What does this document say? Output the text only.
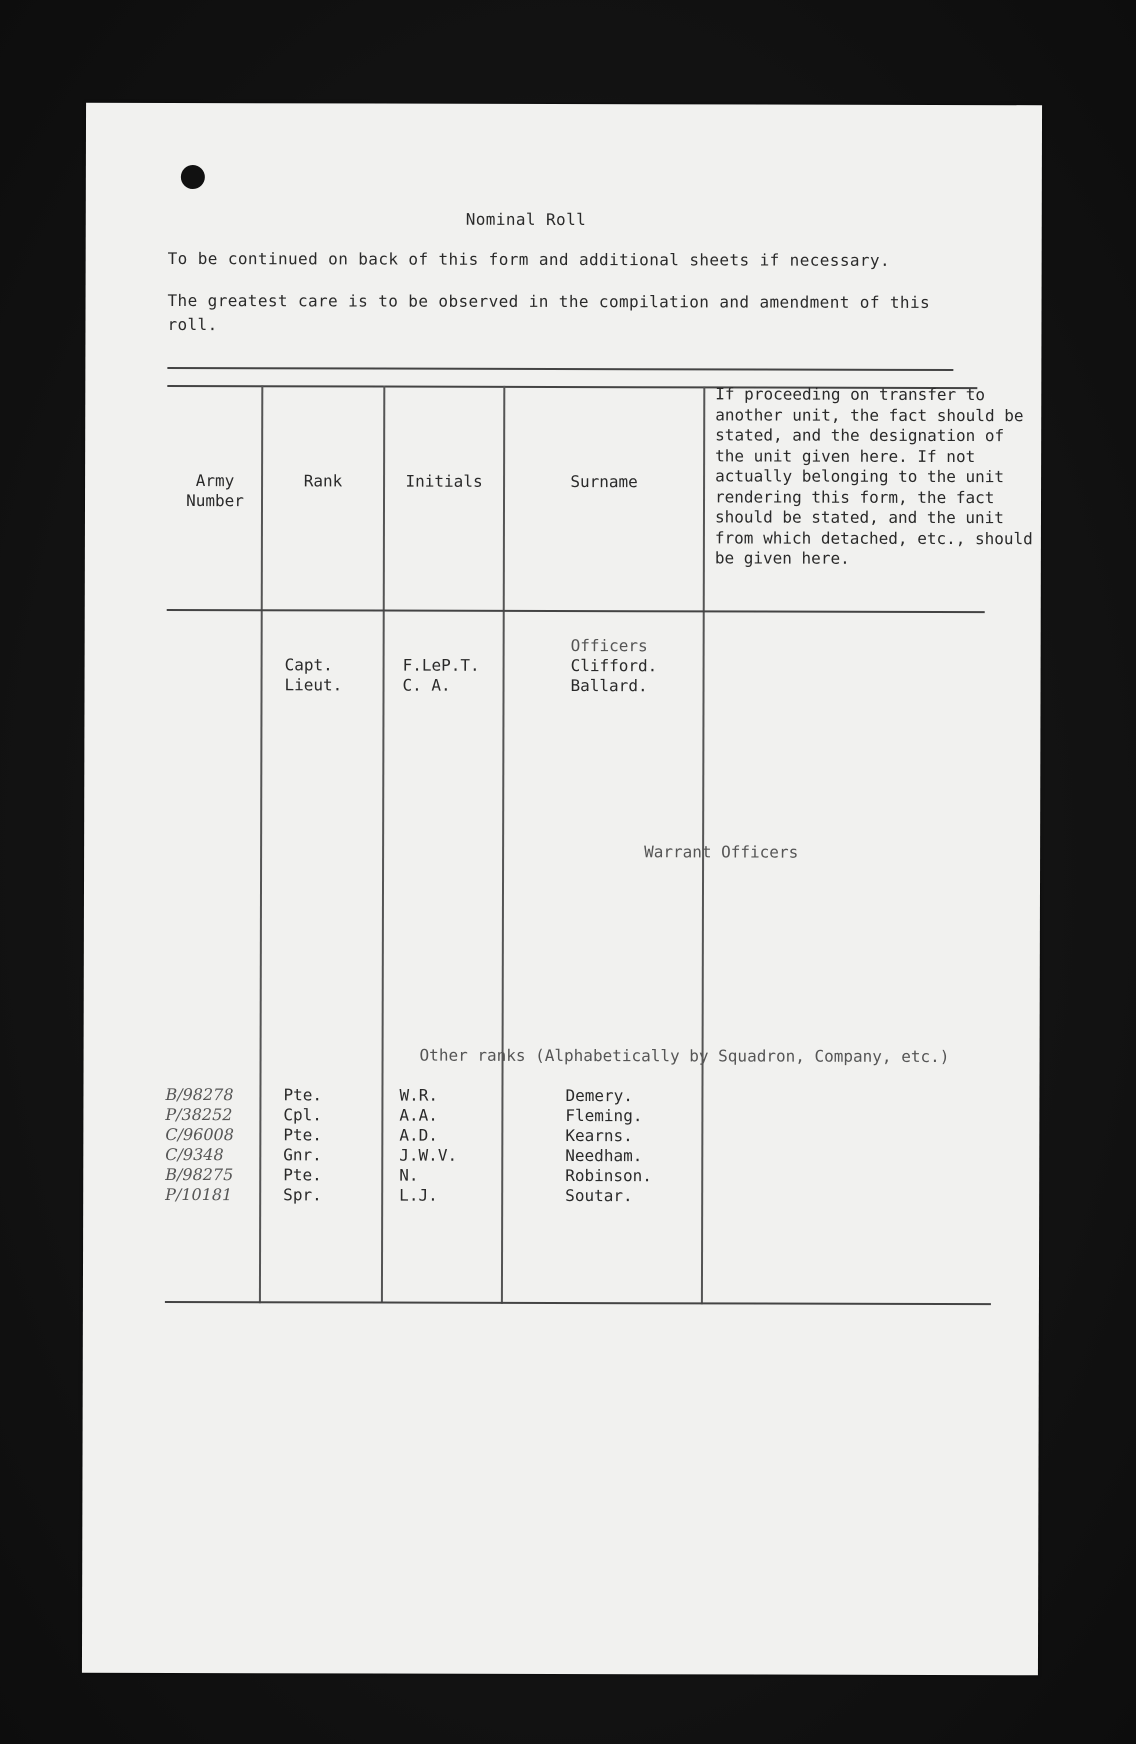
Nominal Roll
To be continued on back of this form and additional sheets if necessary.
The greatest care is to be observed in the compilation and amendment of this roll.
Army Number
Rank	Initials	Surname
If proceeding on transfer to another unit, the fact should be stated, and the designation of the unit given here. If not actually belonging to the unit rendering this form, the fact should be stated, and the unit from which detached, etc., should be given here.
Officers
Capt.
Lieut.
F.LeP.T.
C. A.
Clifford.
Ballard.
Warrant Officers
Other ranks (Alphabetically by Squadron, Company, etc.)
B/98278
P/38252
C/96008
C/9348
B/98275
P/10181
Pte.
Cpl.
Pte.
Gnr.
Pte.
Spr.
W.R.
A.A.
A.D.
J.W.V.
N.
L.J.
Demery.
Fleming.
Kearns.
Needham.
Robinson.
Soutar.
